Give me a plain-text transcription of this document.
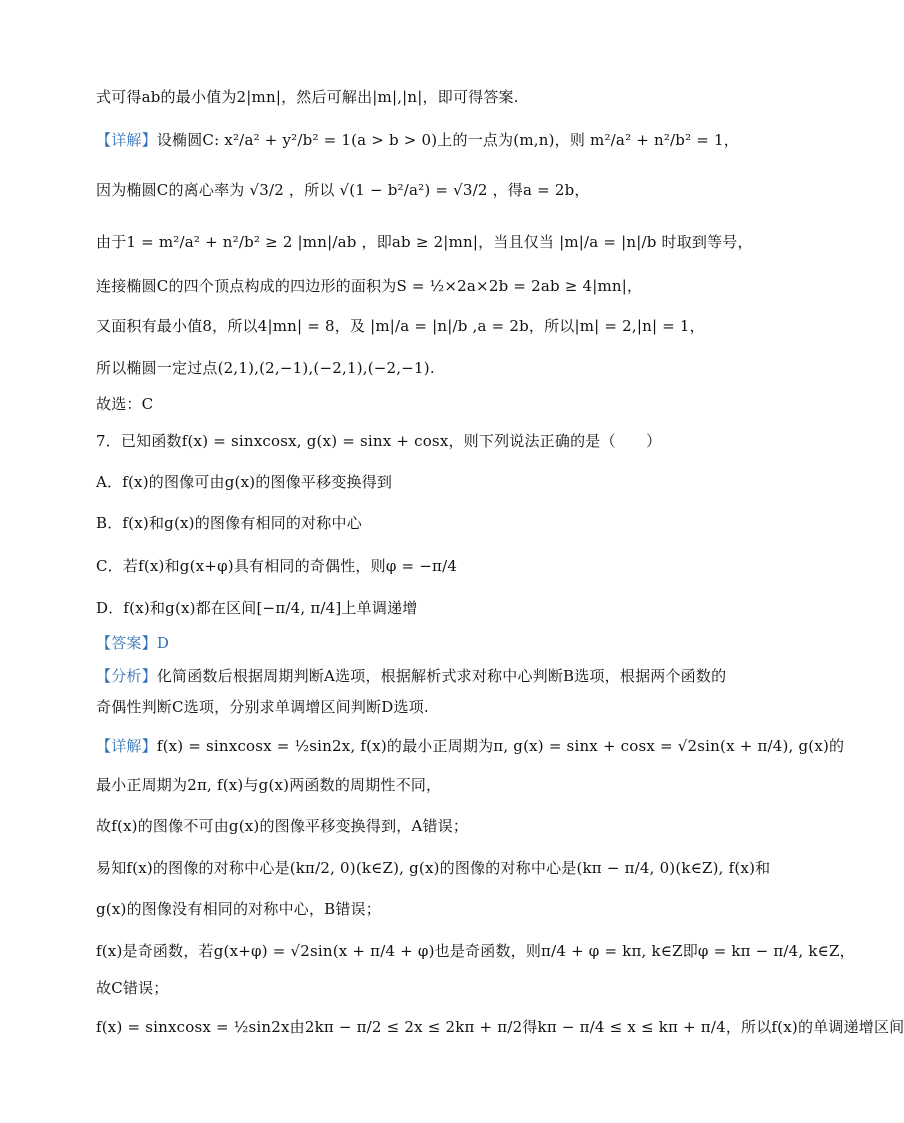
式可得ab的最小值为2|mn|，然后可解出|m|,|n|，即可得答案.
【详解】设椭圆C: x²/a² + y²/b² = 1(a > b > 0)上的一点为(m,n)，则 m²/a² + n²/b² = 1，
因为椭圆C的离心率为 √3/2 ，所以 √(1 − b²/a²) = √3/2 ，得a = 2b，
由于1 = m²/a² + n²/b² ≥ 2 |mn|/ab ，即ab ≥ 2|mn|，当且仅当 |m|/a = |n|/b 时取到等号，
连接椭圆C的四个顶点构成的四边形的面积为S = ½×2a×2b = 2ab ≥ 4|mn|，
又面积有最小值8，所以4|mn| = 8，及 |m|/a = |n|/b ,a = 2b，所以|m| = 2,|n| = 1，
所以椭圆一定过点(2,1),(2,−1),(−2,1),(−2,−1).
故选：C
7．已知函数f(x) = sinxcosx, g(x) = sinx + cosx，则下列说法正确的是（　　）
A．f(x)的图像可由g(x)的图像平移变换得到
B．f(x)和g(x)的图像有相同的对称中心
C．若f(x)和g(x+φ)具有相同的奇偶性，则φ = −π/4
D．f(x)和g(x)都在区间[−π/4, π/4]上单调递增
【答案】D
【分析】化简函数后根据周期判断A选项，根据解析式求对称中心判断B选项，根据两个函数的
奇偶性判断C选项，分别求单调增区间判断D选项.
【详解】f(x) = sinxcosx = ½sin2x, f(x)的最小正周期为π, g(x) = sinx + cosx = √2sin(x + π/4), g(x)的
最小正周期为2π, f(x)与g(x)两函数的周期性不同，
故f(x)的图像不可由g(x)的图像平移变换得到，A错误；
易知f(x)的图像的对称中心是(kπ/2, 0)(k∈Z), g(x)的图像的对称中心是(kπ − π/4, 0)(k∈Z), f(x)和
g(x)的图像没有相同的对称中心，B错误；
f(x)是奇函数，若g(x+φ) = √2sin(x + π/4 + φ)也是奇函数，则π/4 + φ = kπ, k∈Z即φ = kπ − π/4, k∈Z，
故C错误；
f(x) = sinxcosx = ½sin2x由2kπ − π/2 ≤ 2x ≤ 2kπ + π/2得kπ − π/4 ≤ x ≤ kπ + π/4，所以f(x)的单调递增区间
